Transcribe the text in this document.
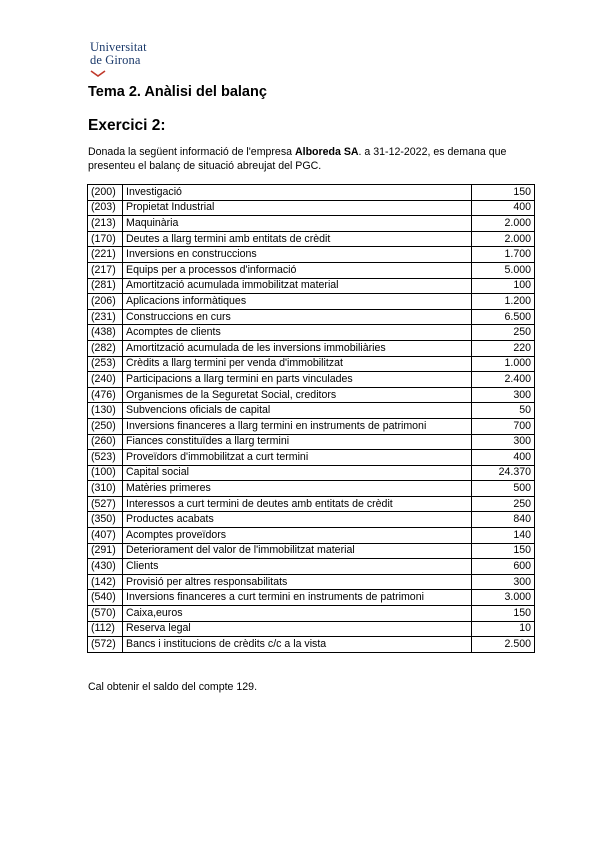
Universitat
de Girona
Tema 2. Anàlisi del balanç
Exercici 2:
Donada la següent informació de l'empresa Alboreda SA. a 31-12-2022, es demana que presenteu el balanç de situació abreujat del PGC.
(200)	Investigació	150
(203)	Propietat Industrial	400
(213)	Maquinària	2.000
(170)	Deutes a llarg termini amb entitats de crèdit	2.000
(221)	Inversions en construccions	1.700
(217)	Equips per a processos d'informació	5.000
(281)	Amortització acumulada immobilitzat material	100
(206)	Aplicacions informàtiques	1.200
(231)	Construccions en curs	6.500
(438)	Acomptes de clients	250
(282)	Amortització acumulada de les inversions immobiliàries	220
(253)	Crèdits a llarg termini per venda d'immobilitzat	1.000
(240)	Participacions a llarg termini en parts vinculades	2.400
(476)	Organismes de la Seguretat Social, creditors	300
(130)	Subvencions oficials de capital	50
(250)	Inversions financeres a llarg termini en instruments de patrimoni	700
(260)	Fiances constituïdes a llarg termini	300
(523)	Proveïdors d'immobilitzat a curt termini	400
(100)	Capital social	24.370
(310)	Matèries primeres	500
(527)	Interessos a curt termini de deutes amb entitats de crèdit	250
(350)	Productes acabats	840
(407)	Acomptes proveïdors	140
(291)	Deteriorament del valor de l'immobilitzat material	150
(430)	Clients	600
(142)	Provisió per altres responsabilitats	300
(540)	Inversions financeres a curt termini en instruments de patrimoni	3.000
(570)	Caixa,euros	150
(112)	Reserva legal	10
(572)	Bancs i institucions de crèdits c/c a la vista	2.500
Cal obtenir el saldo del compte 129.
